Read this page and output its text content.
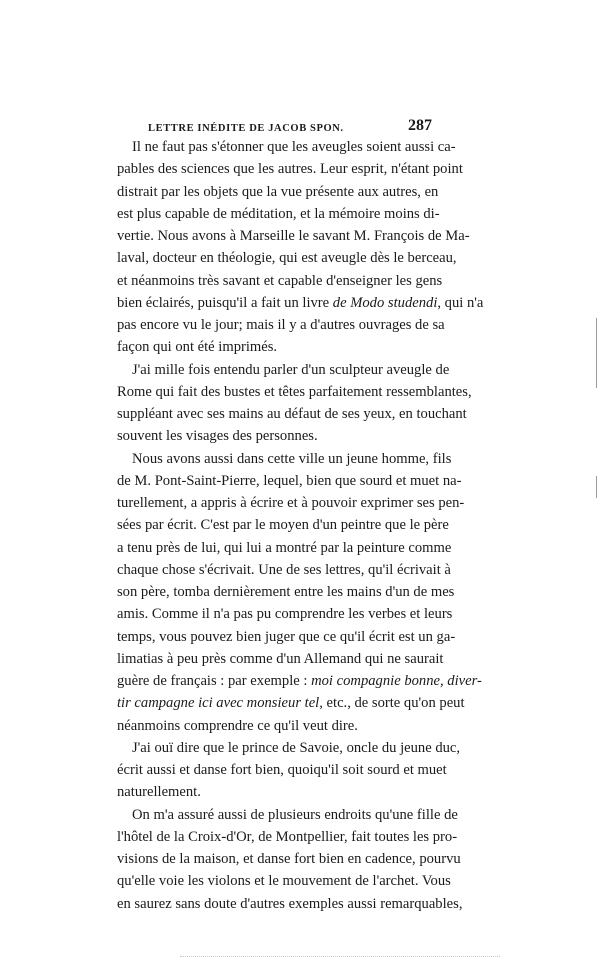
LETTRE INÉDITE DE JACOB SPON.	287
Il ne faut pas s'étonner que les aveugles soient aussi ca-
pables des sciences que les autres. Leur esprit, n'étant point
distrait par les objets que la vue présente aux autres, en
est plus capable de méditation, et la mémoire moins di-
vertie. Nous avons à Marseille le savant M. François de Ma-
laval, docteur en théologie, qui est aveugle dès le berceau,
et néanmoins très savant et capable d'enseigner les gens
bien éclairés, puisqu'il a fait un livre de Modo studendi, qui n'a
pas encore vu le jour; mais il y a d'autres ouvrages de sa
façon qui ont été imprimés.
J'ai mille fois entendu parler d'un sculpteur aveugle de
Rome qui fait des bustes et têtes parfaitement ressemblantes,
suppléant avec ses mains au défaut de ses yeux, en touchant
souvent les visages des personnes.
Nous avons aussi dans cette ville un jeune homme, fils
de M. Pont-Saint-Pierre, lequel, bien que sourd et muet na-
turellement, a appris à écrire et à pouvoir exprimer ses pen-
sées par écrit. C'est par le moyen d'un peintre que le père
a tenu près de lui, qui lui a montré par la peinture comme
chaque chose s'écrivait. Une de ses lettres, qu'il écrivait à
son père, tomba dernièrement entre les mains d'un de mes
amis. Comme il n'a pas pu comprendre les verbes et leurs
temps, vous pouvez bien juger que ce qu'il écrit est un ga-
limatias à peu près comme d'un Allemand qui ne saurait
guère de français : par exemple : moi compagnie bonne, diver-
tir campagne ici avec monsieur tel, etc., de sorte qu'on peut
néanmoins comprendre ce qu'il veut dire.
J'ai ouï dire que le prince de Savoie, oncle du jeune duc,
écrit aussi et danse fort bien, quoiqu'il soit sourd et muet
naturellement.
On m'a assuré aussi de plusieurs endroits qu'une fille de
l'hôtel de la Croix-d'Or, de Montpellier, fait toutes les pro-
visions de la maison, et danse fort bien en cadence, pourvu
qu'elle voie les violons et le mouvement de l'archet. Vous
en saurez sans doute d'autres exemples aussi remarquables,
